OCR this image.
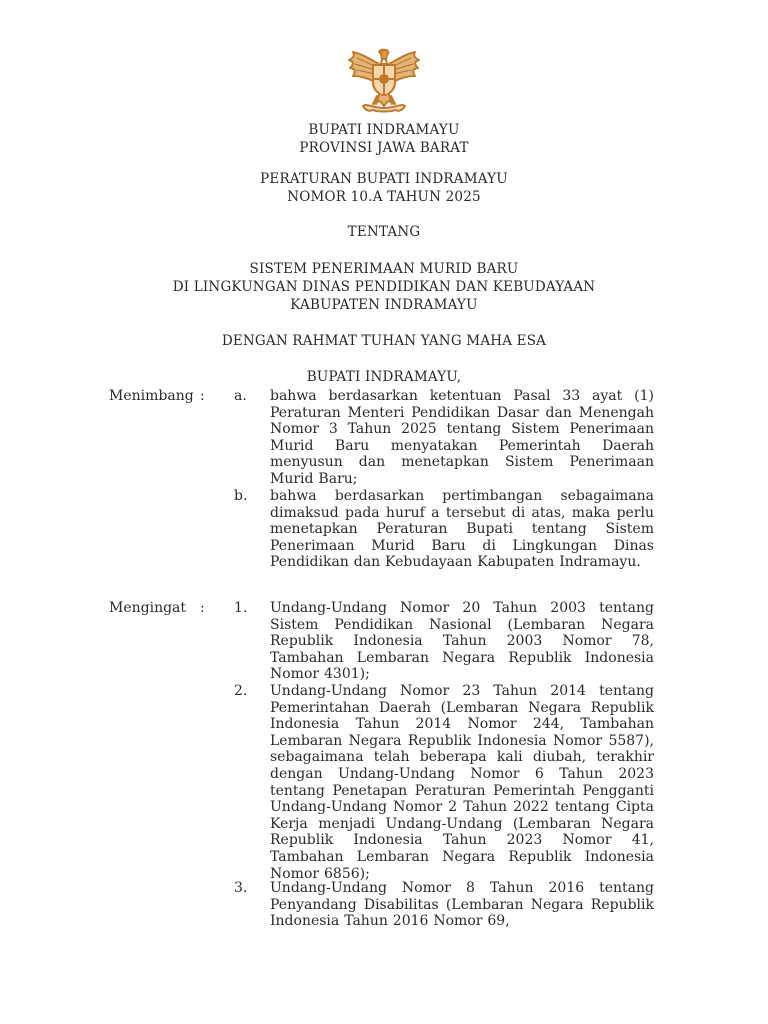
BUPATI INDRAMAYU
PROVINSI JAWA BARAT
PERATURAN BUPATI INDRAMAYU
NOMOR 10.A TAHUN 2025
TENTANG
SISTEM PENERIMAAN MURID BARU
DI LINGKUNGAN DINAS PENDIDIKAN DAN KEBUDAYAAN
KABUPATEN INDRAMAYU
DENGAN RAHMAT TUHAN YANG MAHA ESA
BUPATI INDRAMAYU,
Menimbang : a. bahwa berdasarkan ketentuan Pasal 33 ayat (1) Peraturan Menteri Pendidikan Dasar dan Menengah Nomor 3 Tahun 2025 tentang Sistem Penerimaan Murid Baru menyatakan Pemerintah Daerah menyusun dan menetapkan Sistem Penerimaan Murid Baru;
b. bahwa berdasarkan pertimbangan sebagaimana dimaksud pada huruf a tersebut di atas, maka perlu menetapkan Peraturan Bupati tentang Sistem Penerimaan Murid Baru di Lingkungan Dinas Pendidikan dan Kebudayaan Kabupaten Indramayu.
Mengingat : 1. Undang-Undang Nomor 20 Tahun 2003 tentang Sistem Pendidikan Nasional (Lembaran Negara Republik Indonesia Tahun 2003 Nomor 78, Tambahan Lembaran Negara Republik Indonesia Nomor 4301);
2. Undang-Undang Nomor 23 Tahun 2014 tentang Pemerintahan Daerah (Lembaran Negara Republik Indonesia Tahun 2014 Nomor 244, Tambahan Lembaran Negara Republik Indonesia Nomor 5587), sebagaimana telah beberapa kali diubah, terakhir dengan Undang-Undang Nomor 6 Tahun 2023 tentang Penetapan Peraturan Pemerintah Pengganti Undang-Undang Nomor 2 Tahun 2022 tentang Cipta Kerja menjadi Undang-Undang (Lembaran Negara Republik Indonesia Tahun 2023 Nomor 41, Tambahan Lembaran Negara Republik Indonesia Nomor 6856);
3. Undang-Undang Nomor 8 Tahun 2016 tentang Penyandang Disabilitas (Lembaran Negara Republik Indonesia Tahun 2016 Nomor 69,
